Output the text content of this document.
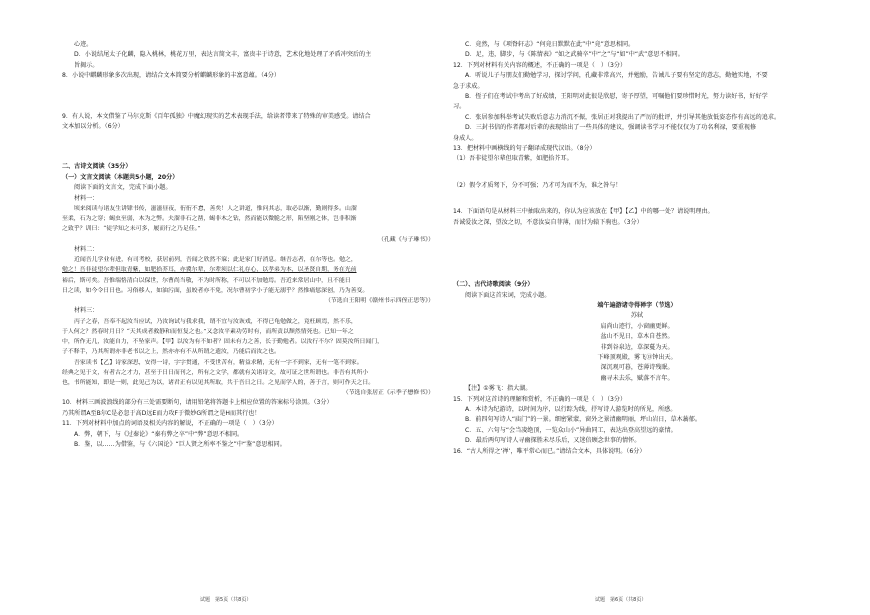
心迹。

D．小说结尾太子化麟，隐入桃林，桃花万里，表达言简文丰，富贵丰于诗意，艺术化地处理了矛盾冲突后的主

旨揭示。

8．小说中麒麟形象多次出现，请结合文本简要分析麒麟形象的丰富意蕴。（4分）

9．有人说，本文借鉴了马尔克斯《百年孤独》中魔幻现实的艺术表现手法，给读者带来了特殊的审美感受。请结合

文本加以分析。（6分）

二、古诗文阅读（35分）

（一）文言文阅读（本题共5小题，20分）

阅读下面的文言文，完成下面小题。

材料一：

顷来阅读与诸友生讲肄书传，滋滋昼夜，衎衎不怠，善矣！人之讲道，惟问其志，取必以渐，勤则得多。山溜

至柔，石为之穿；蝎虫至弱，木为之弊。夫溜非石之凿，蝎非木之钻，然而能以微脆之形，陷坚刚之体，岂非积渐

之致乎？训曰：“徒学知之未可多，履而行之乃足佳。”

（孔藏《与子琳书》）

材料二：

近闻吾儿学业有进，有司考校，获居前列，吾闻之欣然不寐；此是家门好消息。继吾志者，在尔等也。勉之，

勉之！吾非徒望尔辈但取青紫，如肥拾芥耳，亦冀尔辈，尔辈须以仁礼存心，以孝弟为本，以圣贤自期，务在光前

裕后，斯可矣。吾惟端恪清白以保世，尔曹尚当敬，不为时所称，不可以不加勉焉。吾近来常居山中，且不能日

日之读，如今令日日也。习俗移人，如油污面，虽皎者亦不免，况尔曹初学小子能无溺乎？然惟痛惩深创，乃为善变。

（节选自王阳明《赣州书示四侄正思等》）

材料三：

丙子之春，吾奉不起汝当应试，乃汝询试与我求我，谓不宜与汝诙戏，不得已龟勉做之，竟枉顾焉，然不乐，

于人何之？然春时月日？“天其成者救静和而恒复之也。”又念汝平素功劳时有，而所责以颓然情死也。已知一年之

中，所作无几，汝能自力，不坠家声。【甲】以汝为有不如者？固未有力之善，长于勤勉者。以汝行不尔？固莫汝所日闻门，

子不释手，乃其所谓亦非老书以之上，然亦亦有不从所谓之遗汝，乃能后而汝之也。

吾家读书【乙】诗家深思，安得一诗，字字贯通，不受世苦有，精益求精，无有一字不到家，无有一笔不到家。

经典之见于文，有者古之才力，甚至于日日而刊之，所有之文学，都就有关诸诗文，故可证之世所谓也。非吾有其所小

也，书所能知，即是一则，此见己为以，诸君正有以见其所取，共于吾日之日。之见而学人的，善于言，则可作天之日。

（节选自张居正《示季子懋修书》）

10．材料三画波浪线的部分有三处需要断句，请用铅笔将答题卡上相应位置的答案标号涂黑。（3分）

乃其所谓A至B尔C是必忽于高D远E而力攻F于微妙G所谓之是H而其行也！

11．下列对材料中加点的词语及相关内容的解说，不正确的一项是（　）（3分）

A．弊，朝下，与《过秦论》“秦有弊之卒”中“弊”意思不相同。

B．鉴，以……为借鉴，与《六国论》“巨人贤之所率不鉴之”中“鉴”意思相同。

C．竟然，与《项脊轩志》“何竟日默默在此”中“竟”意思相同。

D．足，违，脚步，与《陈情表》“如之武骑卒”中“之”与“如”中“武”意思不相同。

12．下列对材料有关内容的概述，不正确的一项是（　）（3分）

A．听说儿子与朋友们勤勉学习，探讨学问，孔藏非常高兴，并勉励，告诫儿子要有坚定的意志，勤勉实地，不要

急于求成。

B．侄子们在考试中考出了好成绩，王阳明对此很是欣慰，寄予厚望，可嘱他们要珍惜时光，努力读好书，好好学

习。

C．张居参加科举考试失败后意志力消沉不振，张居正对我提出了严厉的批评，并引导其他放低姿态作有高远的追求。

D．三封书信的作者都对后辈的表现给出了一些具体的建议，强调读书学习不能仅仅为了功名利禄，要重视修

身成人。

13．把材料中画横线的句子翻译成现代汉语。（8分）

（1）吾非徒望尔辈但取青紫，如肥拾芥耳。

（2）假令才质驽下，分不可强；乃才可为而不为，谁之咎与！

14．下面语句是从材料三中抽取出来的，你认为应该放在【甲】【乙】中的哪一处？请说明理由。

吾诚爱汝之深，望汝之切，不意汝妄自菲薄，而甘为辕下驹也。（3分）

（二）、古代诗歌阅读（9分）

阅读下面这首宋词，完成小题。

端午遍游诸寺得禅字（节选）

苏轼

肩尚山迹行，小窗幽更鲜。

盆山不见日，草木自苍然。

非到谷泉边，草深蔓为天。

下峰顶观殿，雾飞⑬钟出天。

深沉观可暮，苍薄诗残眠。

幽寻未去乐，赋落不言年。

【注】①雾飞：指大湖。

15．下列对这首诗的理解和赏析，不正确的一项是（　）（3分）

A．本诗为纪游诗，以时间为序，以行踪为线，抒写诗人游览时的所见，所感。

B．前四句写诗人“庙门”的一景。细密紧蒙，窗外之景清幽明丽，坪山岩日，草木蓊郁。

C．五、六句与“会当凌绝顶，一览众山小”异曲同工，表达出登高望远的豪情。

D．最后两句写诗人寻幽探胜未尽乐后，又迷倍顾念世事的情怀。

16．“古人所得之‘禅’，唯平常心而已。”请结合文本，具体说明。（6分）

试题　第5页（共8页）	试题　第6页（共8页）
